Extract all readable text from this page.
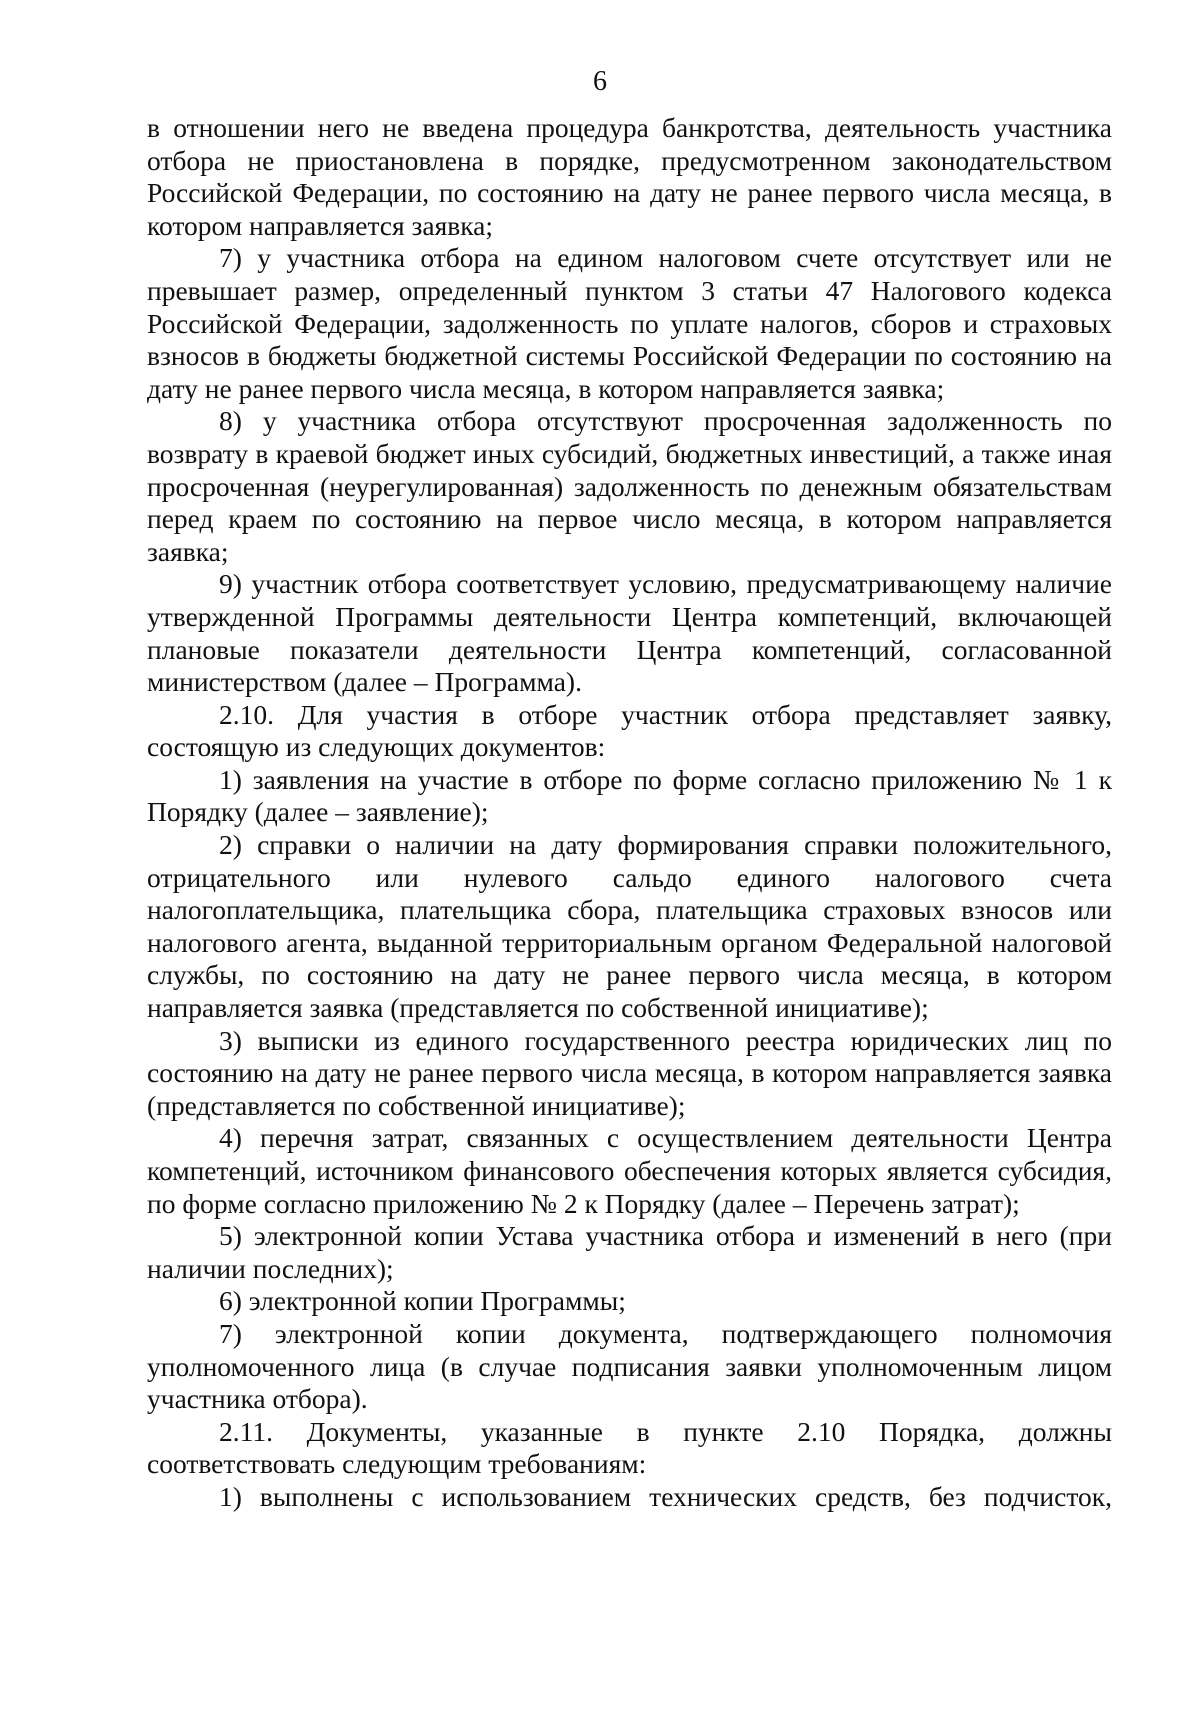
6

в отношении него не введена процедура банкротства, деятельность участника отбора не приостановлена в порядке, предусмотренном законодательством Российской Федерации, по состоянию на дату не ранее первого числа месяца, в котором направляется заявка;

7) у участника отбора на едином налоговом счете отсутствует или не превышает размер, определенный пунктом 3 статьи 47 Налогового кодекса Российской Федерации, задолженность по уплате налогов, сборов и страховых взносов в бюджеты бюджетной системы Российской Федерации по состоянию на дату не ранее первого числа месяца, в котором направляется заявка;

8) у участника отбора отсутствуют просроченная задолженность по возврату в краевой бюджет иных субсидий, бюджетных инвестиций, а также иная просроченная (неурегулированная) задолженность по денежным обязательствам перед краем по состоянию на первое число месяца, в котором направляется заявка;

9) участник отбора соответствует условию, предусматривающему наличие утвержденной Программы деятельности Центра компетенций, включающей плановые показатели деятельности Центра компетенций, согласованной министерством (далее – Программа).

2.10. Для участия в отборе участник отбора представляет заявку, состоящую из следующих документов:

1) заявления на участие в отборе по форме согласно приложению № 1 к Порядку (далее – заявление);

2) справки о наличии на дату формирования справки положительного, отрицательного или нулевого сальдо единого налогового счета налогоплательщика, плательщика сбора, плательщика страховых взносов или налогового агента, выданной территориальным органом Федеральной налоговой службы, по состоянию на дату не ранее первого числа месяца, в котором направляется заявка (представляется по собственной инициативе);

3) выписки из единого государственного реестра юридических лиц по состоянию на дату не ранее первого числа месяца, в котором направляется заявка (представляется по собственной инициативе);

4) перечня затрат, связанных с осуществлением деятельности Центра компетенций, источником финансового обеспечения которых является субсидия, по форме согласно приложению № 2 к Порядку (далее – Перечень затрат);

5) электронной копии Устава участника отбора и изменений в него (при наличии последних);

6) электронной копии Программы;

7) электронной копии документа, подтверждающего полномочия уполномоченного лица (в случае подписания заявки уполномоченным лицом участника отбора).

2.11. Документы, указанные в пункте 2.10 Порядка, должны соответствовать следующим требованиям:

1) выполнены с использованием технических средств, без подчисток,
